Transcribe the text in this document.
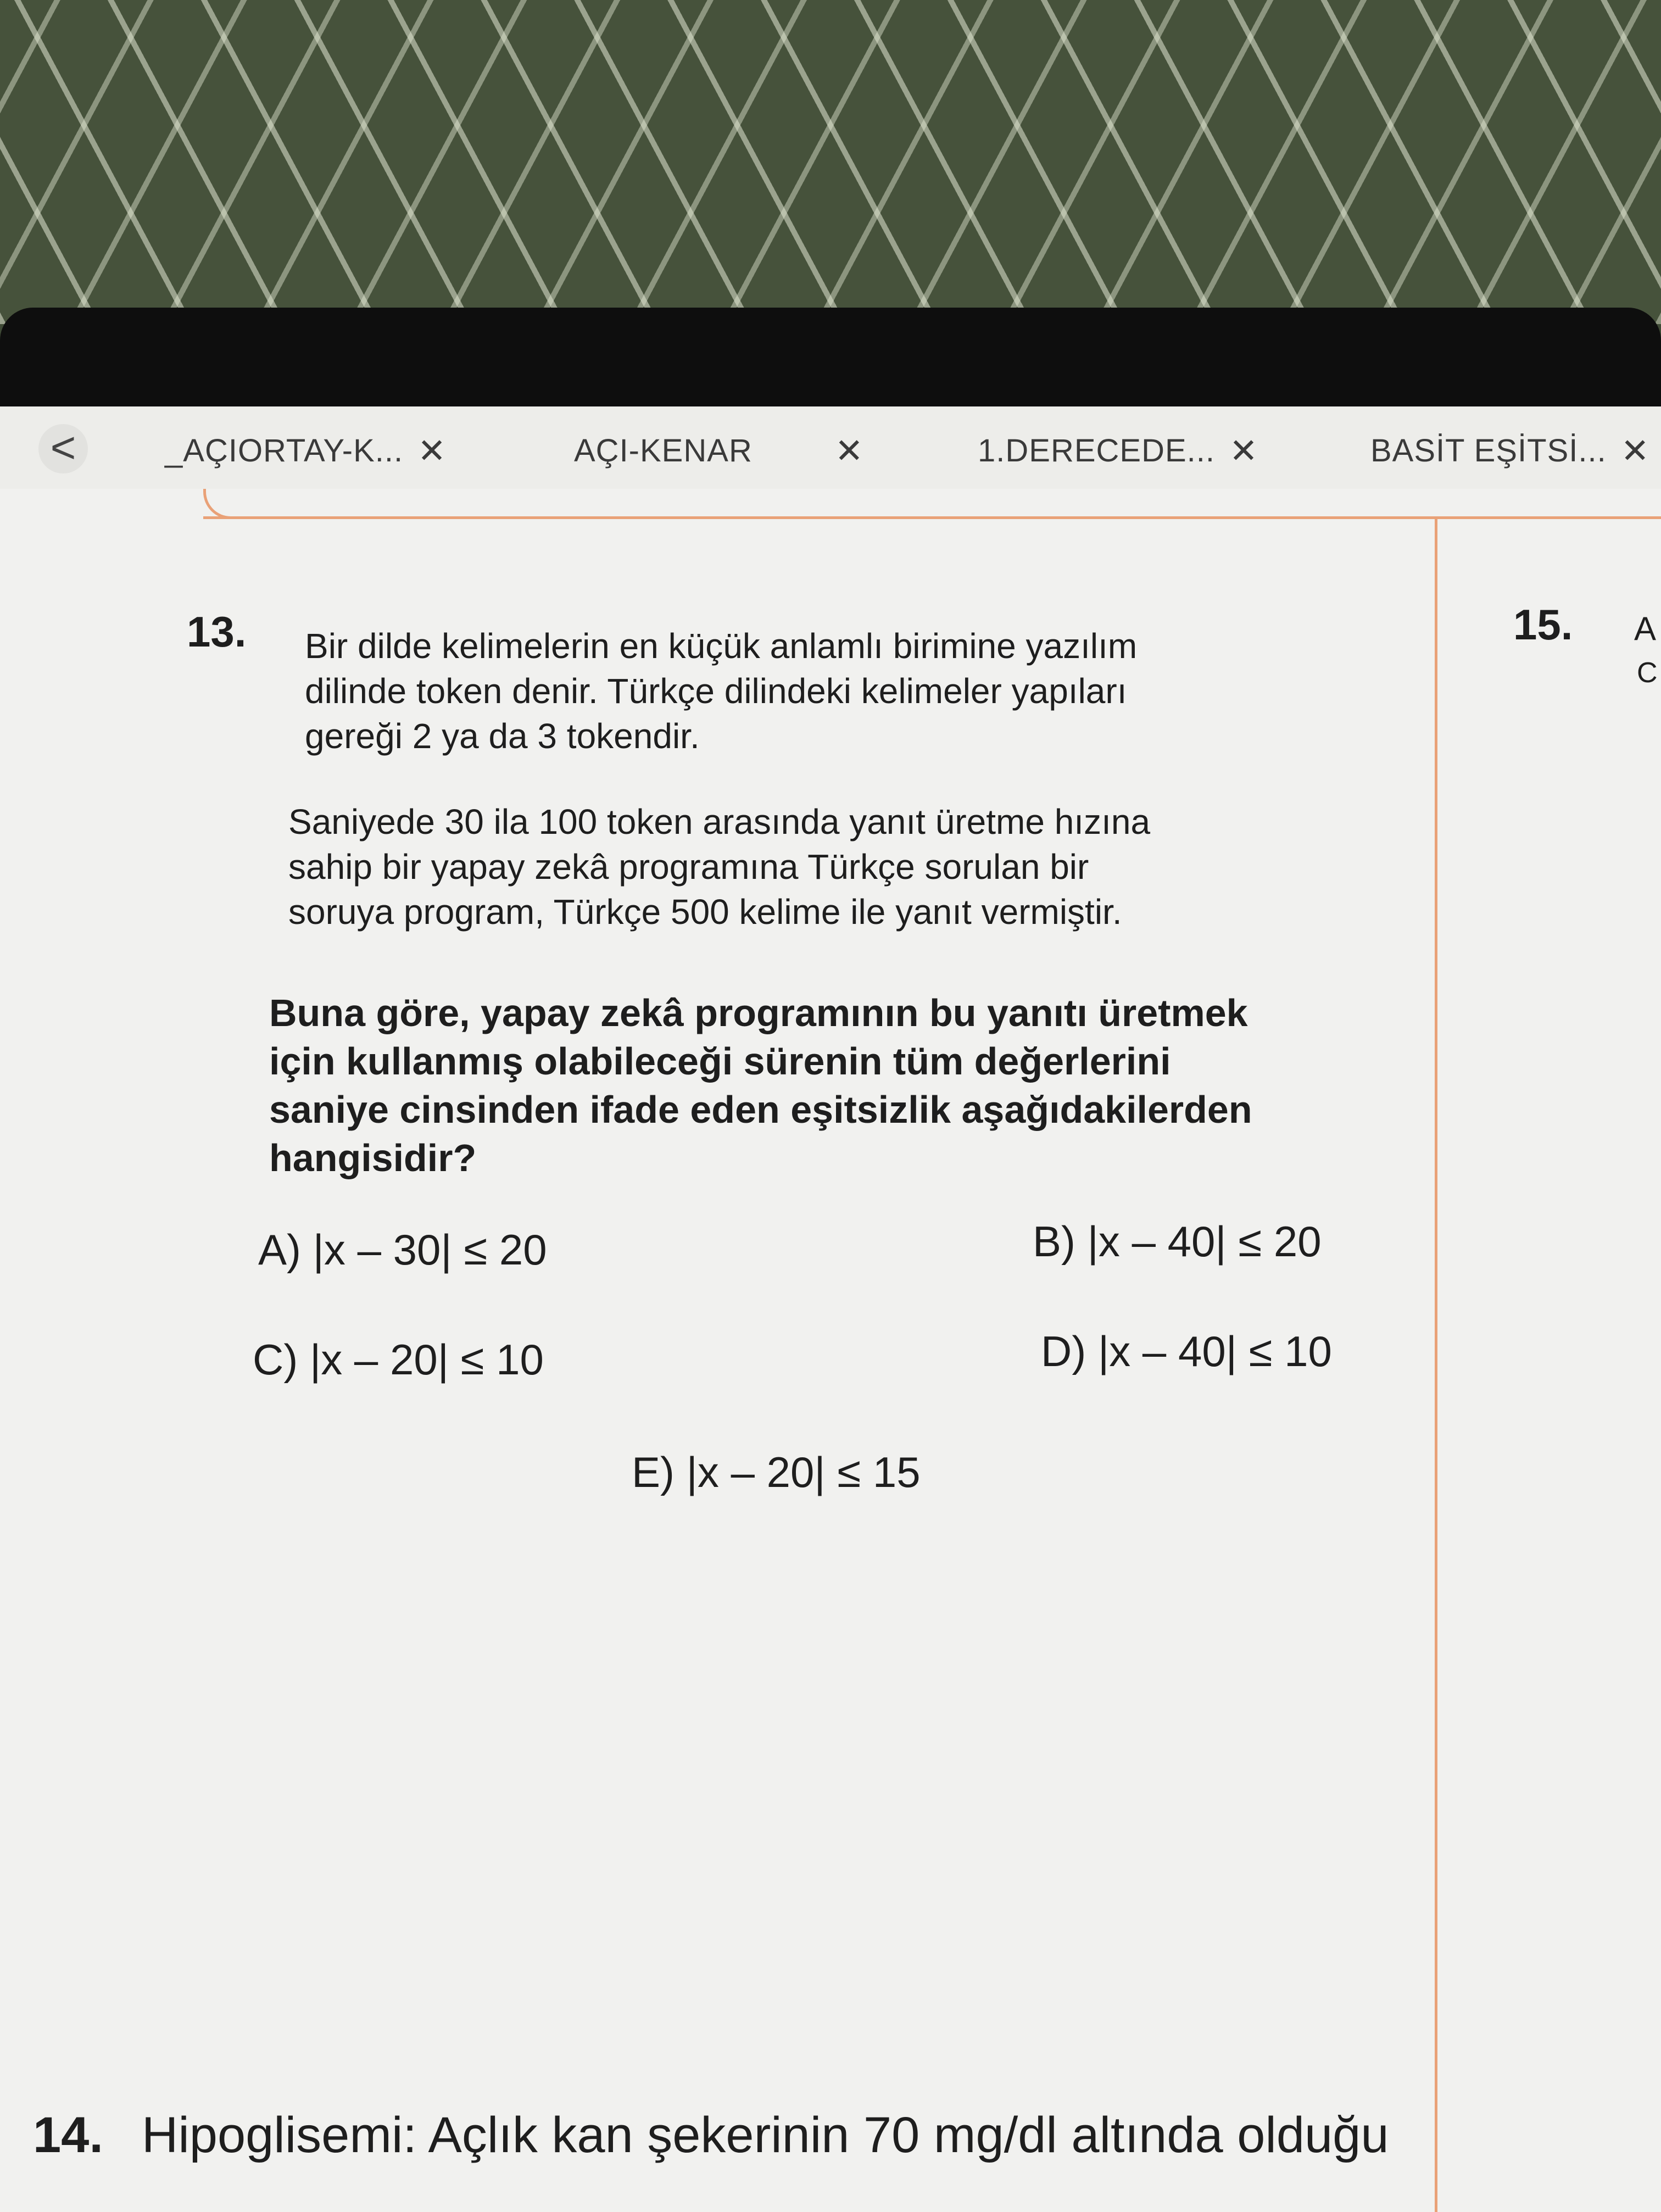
<	_AÇIORTAY-K... ✕	AÇI-KENAR ✕	1.DERECEDE... ✕	BASİT EŞİTSİ... ✕
13. Bir dilde kelimelerin en küçük anlamlı birimine yazılım
dilinde token denir. Türkçe dilindeki kelimeler yapıları
gereği 2 ya da 3 tokendir.
Saniyede 30 ila 100 token arasında yanıt üretme hızına
sahip bir yapay zekâ programına Türkçe sorulan bir
soruya program, Türkçe 500 kelime ile yanıt vermiştir.
Buna göre, yapay zekâ programının bu yanıtı üretmek
için kullanmış olabileceği sürenin tüm değerlerini
saniye cinsinden ifade eden eşitsizlik aşağıdakilerden
hangisidir?
A) |x – 30| ≤ 20	B) |x – 40| ≤ 20
C) |x – 20| ≤ 10	D) |x – 40| ≤ 10
E) |x – 20| ≤ 15
15. A
C
14. Hipoglisemi: Açlık kan şekerinin 70 mg/dl altında olduğu
